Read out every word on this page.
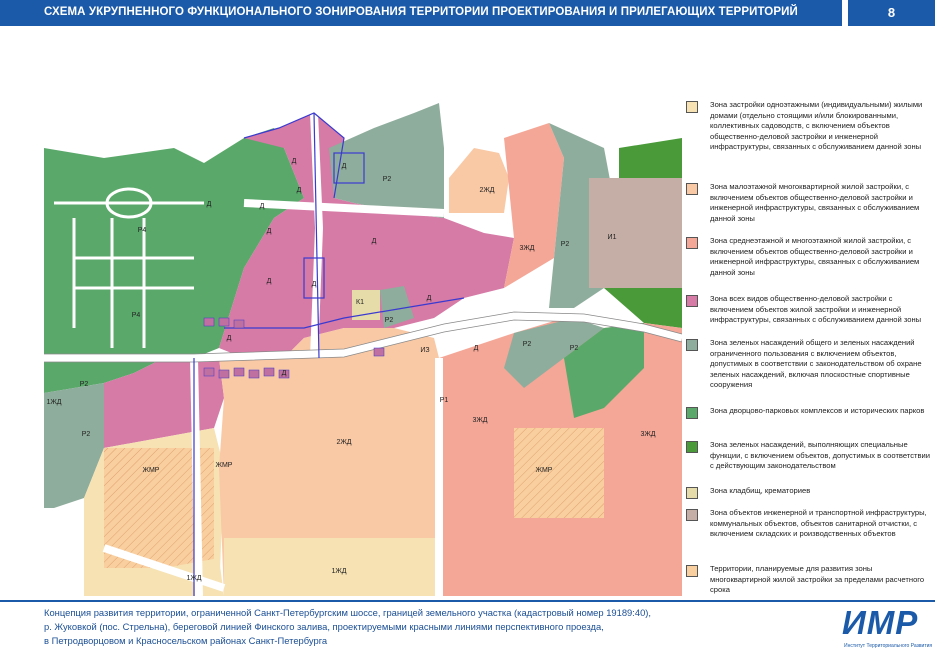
СХЕМА УКРУПНЕННОГО ФУНКЦИОНАЛЬНОГО ЗОНИРОВАНИЯ ТЕРРИТОРИИ ПРОЕКТИРОВАНИЯ И ПРИЛЕГАЮЩИХ ТЕРРИТОРИЙ	8
Д
Д
Д
Д
Д
Д
Д	Д
Д
Д
Д
Д
Д
Р2
Р2
Р2
Р2
Р2
Р2
Р4
Р4
2ЖД
2ЖД
3ЖД
3ЖД
3ЖД
ЖМР
ЖМР
ЖМР
1ЖД
1ЖД
1ЖД
К1
ИЗ
И1
Р1
Р2
Зона застройки одноэтажными (индивидуальными) жилыми домами (отдельно стоящими и/или блокированными, коллективных садоводств, с включением объектов общественно-деловой застройки и инженерной инфраструктуры, связанных с обслуживанием данной зоны
Зона малоэтажной многоквартирной жилой застройки, с включением объектов общественно-деловой застройки и инженерной инфраструктуры, связанных с обслуживанием данной зоны
Зона среднеэтажной и многоэтажной жилой застройки, с включением объектов общественно-деловой застройки и инженерной инфраструктуры, связанных с обслуживанием данной зоны
Зона всех видов общественно-деловой застройки с включением объектов жилой застройки и инженерной инфраструктуры, связанных с обслуживанием данной зоны
Зона зеленых насаждений общего и зеленых насаждений ограниченного пользования с включением объектов, допустимых в соответствии с законодательством об охране зеленых насаждений, включая плоскостные спортивные сооружения
Зона дворцово-парковых комплексов и исторических парков
Зона зеленых насаждений, выполняющих специальные функции, с включением объектов, допустимых в соответствии с действующим законодательством
Зона кладбищ, крематориев
Зона объектов инженерной и транспортной инфраструктуры, коммунальных объектов, объектов санитарной отчистки, с включением складских и роизводственных объектов
Территории, планируемые для развития зоны многоквартирной жилой застройки за пределами расчетного срока
Концепция развития территории, ограниченной Санкт-Петербургским шоссе, границей земельного участка (кадастровый номер 19189:40),
р. Жуковкой (пос. Стрельна), береговой линией Финского залива, проектируемыми красными линиями перспективного проезда,
в Петродворцовом и Красносельском районах Санкт-Петербурга	ИМР
Институт Территориального Развития
